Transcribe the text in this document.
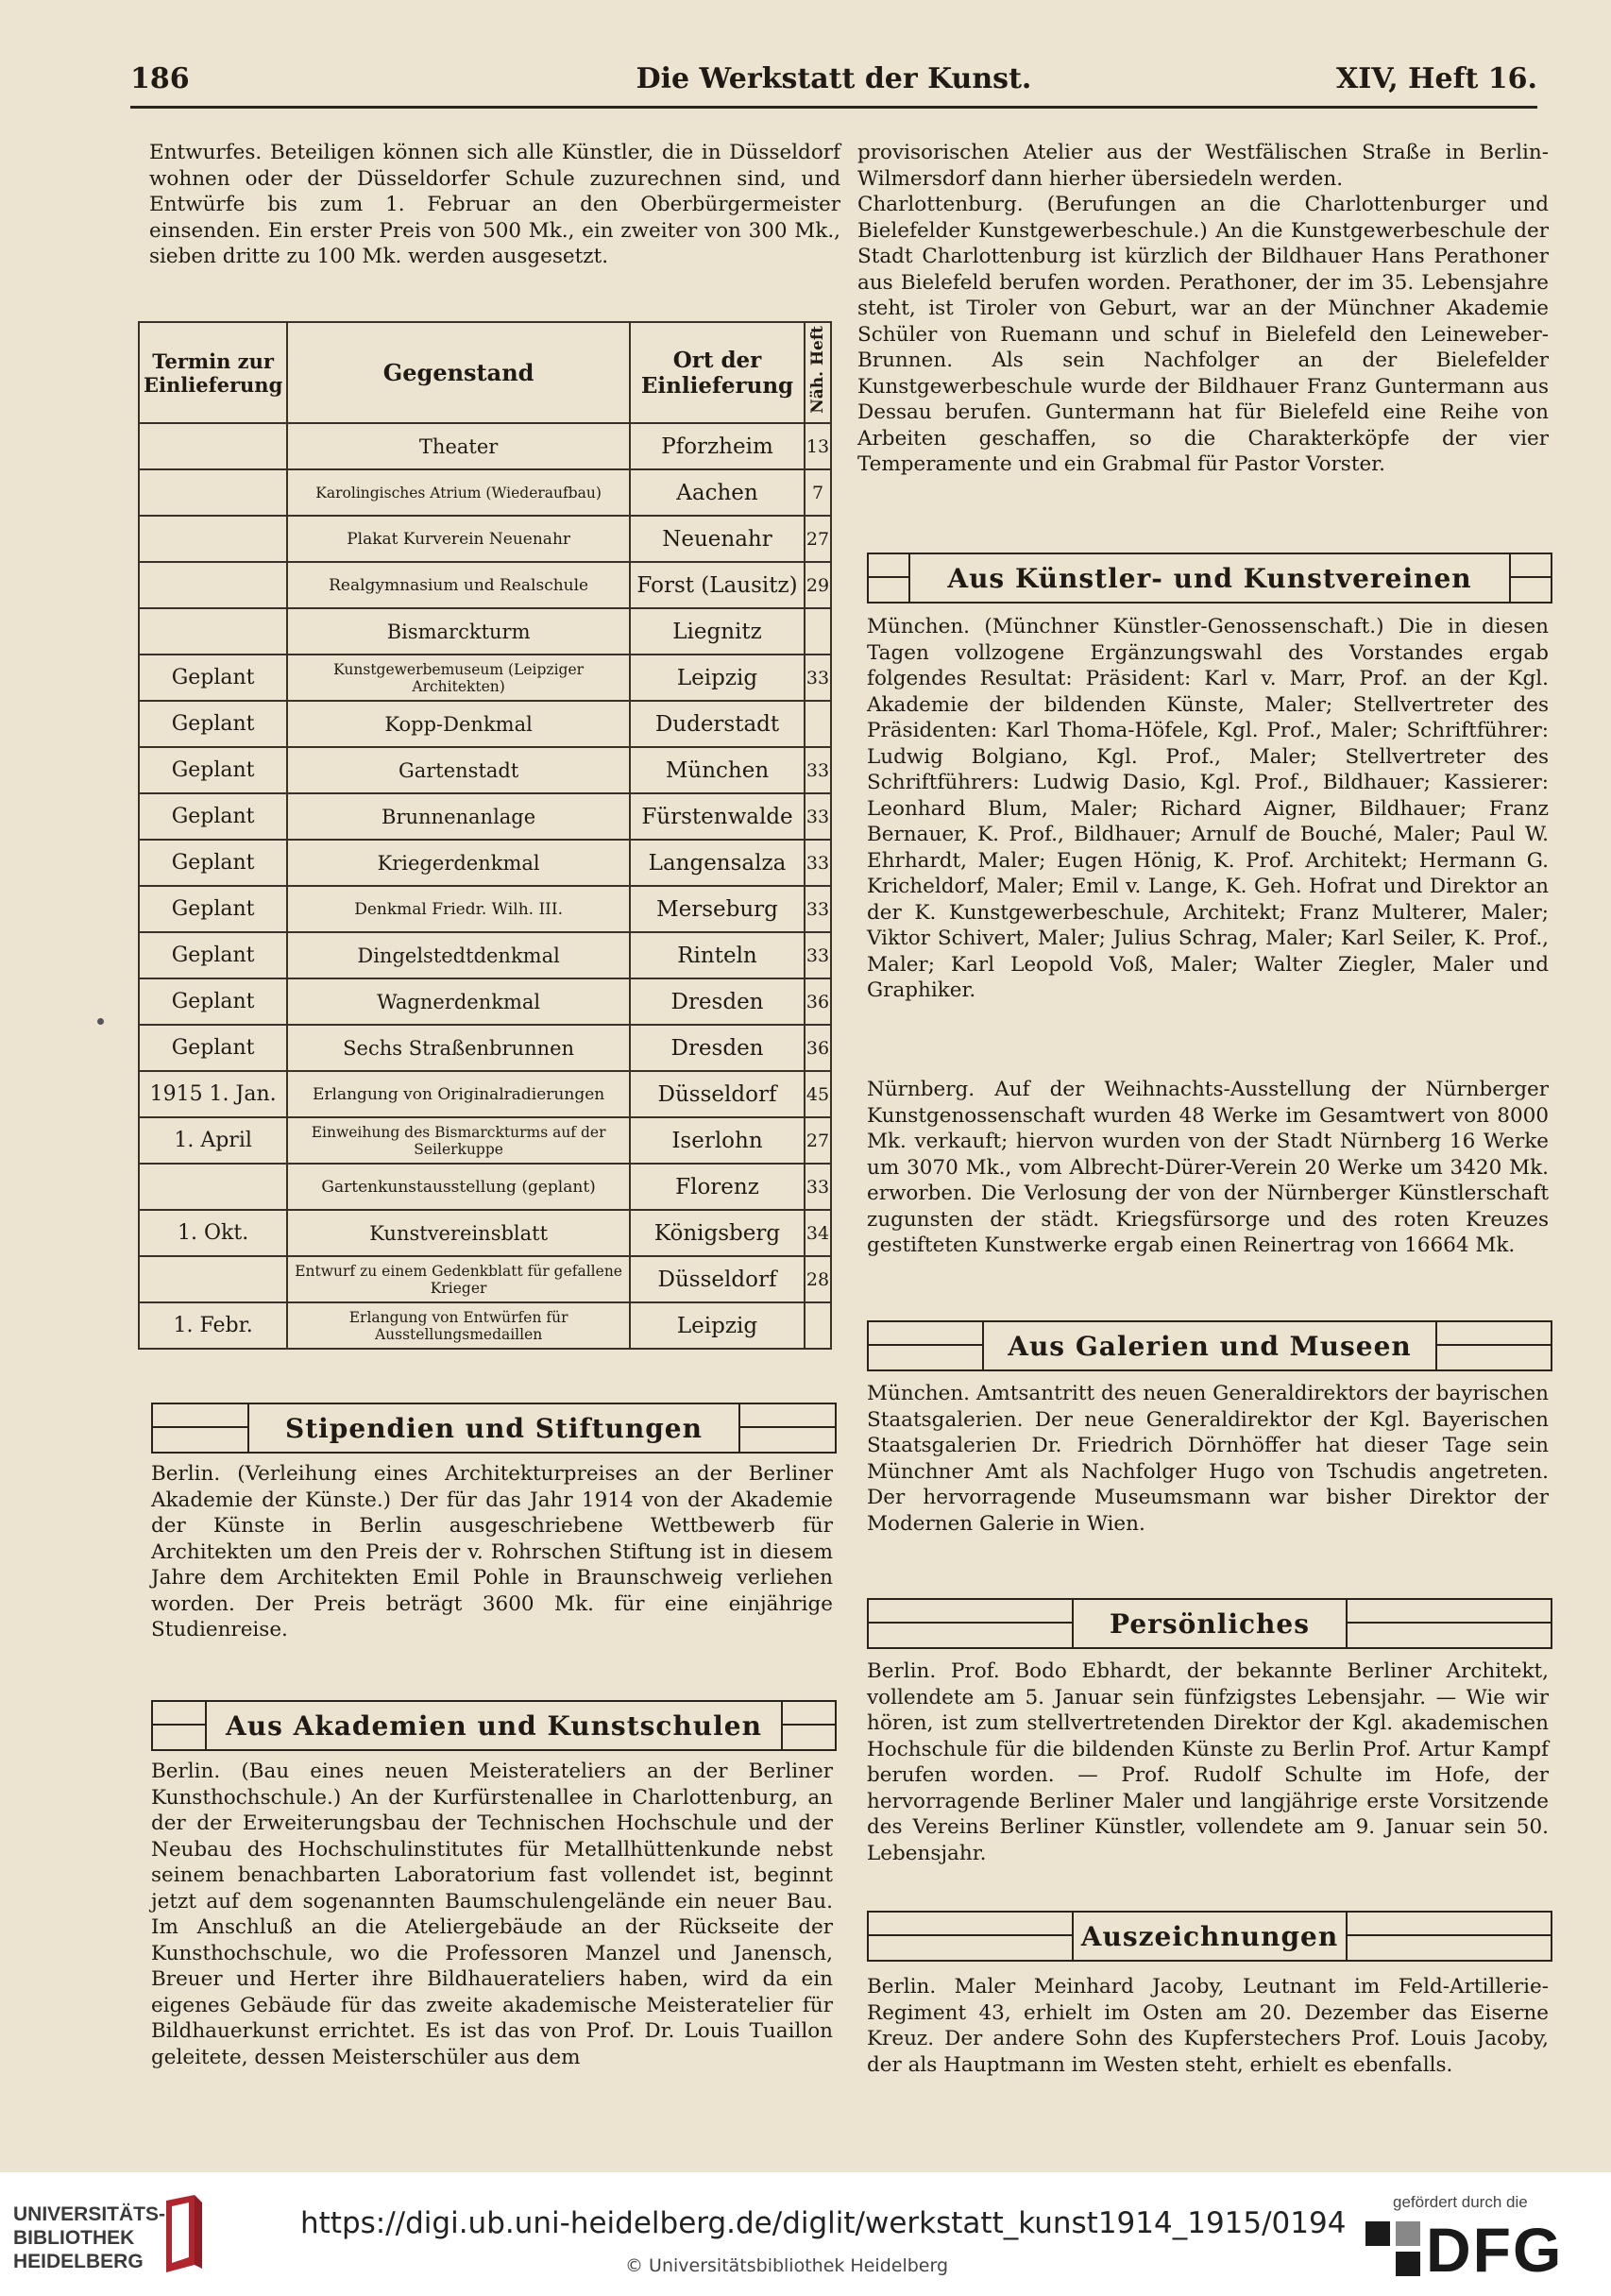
186	Die Werkstatt der Kunst.	XIV, Heft 16.

Entwurfes. Beteiligen können sich alle Künstler, die in Düsseldorf wohnen oder der Düsseldorfer Schule zuzurechnen sind, und Entwürfe bis zum 1. Februar an den Oberbürgermeister einsenden. Ein erster Preis von 500 Mk., ein zweiter von 300 Mk., sieben dritte zu 100 Mk. werden ausgesetzt.

Termin zur Einlieferung	Gegenstand	Ort der Einlieferung	Näh. Heft
	Theater	Pforzheim	13
	Karolingisches Atrium (Wiederaufbau)	Aachen	7
	Plakat Kurverein Neuenahr	Neuenahr	27
	Realgymnasium und Realschule	Forst (Lausitz)	29
	Bismarckturm	Liegnitz	
Geplant	Kunstgewerbemuseum (Leipziger Architekten)	Leipzig	33
Geplant	Kopp-Denkmal	Duderstadt	
Geplant	Gartenstadt	München	33
Geplant	Brunnenanlage	Fürstenwalde	33
Geplant	Kriegerdenkmal	Langensalza	33
Geplant	Denkmal Friedr. Wilh. III.	Merseburg	33
Geplant	Dingelstedtdenkmal	Rinteln	33
Geplant	Wagnerdenkmal	Dresden	36
Geplant	Sechs Straßenbrunnen	Dresden	36
1915 1. Jan.	Erlangung von Originalradierungen	Düsseldorf	45
1. April	Einweihung des Bismarckturms auf der Seilerkuppe	Iserlohn	27
	Gartenkunstausstellung (geplant)	Florenz	33
1. Okt.	Kunstvereinsblatt	Königsberg	34
	Entwurf zu einem Gedenkblatt für gefallene Krieger	Düsseldorf	28
1. Febr.	Erlangung von Entwürfen für Ausstellungsmedaillen	Leipzig	
Stipendien und Stiftungen
Berlin. (Verleihung eines Architekturpreises an der Berliner Akademie der Künste.) Der für das Jahr 1914 von der Akademie der Künste in Berlin ausgeschriebene Wettbewerb für Architekten um den Preis der v. Rohrschen Stiftung ist in diesem Jahre dem Architekten Emil Pohle in Braunschweig verliehen worden. Der Preis beträgt 3600 Mk. für eine einjährige Studienreise.
Aus Akademien und Kunstschulen
Berlin. (Bau eines neuen Meisterateliers an der Berliner Kunsthochschule.) An der Kurfürstenallee in Charlottenburg, an der der Erweiterungsbau der Technischen Hochschule und der Neubau des Hochschulinstitutes für Metallhüttenkunde nebst seinem benachbarten Laboratorium fast vollendet ist, beginnt jetzt auf dem sogenannten Baumschulengelände ein neuer Bau. Im Anschluß an die Ateliergebäude an der Rückseite der Kunsthochschule, wo die Professoren Manzel und Janensch, Breuer und Herter ihre Bildhauerateliers haben, wird da ein eigenes Gebäude für das zweite akademische Meisteratelier für Bildhauerkunst errichtet. Es ist das von Prof. Dr. Louis Tuaillon geleitete, dessen Meisterschüler aus dem

provisorischen Atelier aus der Westfälischen Straße in Berlin-Wilmersdorf dann hierher übersiedeln werden.

Charlottenburg. (Berufungen an die Charlottenburger und Bielefelder Kunstgewerbeschule.) An die Kunstgewerbeschule der Stadt Charlottenburg ist kürzlich der Bildhauer Hans Perathoner aus Bielefeld berufen worden. Perathoner, der im 35. Lebensjahre steht, ist Tiroler von Geburt, war an der Münchner Akademie Schüler von Ruemann und schuf in Bielefeld den Leineweber-Brunnen. Als sein Nachfolger an der Bielefelder Kunstgewerbeschule wurde der Bildhauer Franz Guntermann aus Dessau berufen. Guntermann hat für Bielefeld eine Reihe von Arbeiten geschaffen, so die Charakterköpfe der vier Temperamente und ein Grabmal für Pastor Vorster.

Aus Künstler- und Kunstvereinen
München. (Münchner Künstler-Genossenschaft.) Die in diesen Tagen vollzogene Ergänzungswahl des Vorstandes ergab folgendes Resultat: Präsident: Karl v. Marr, Prof. an der Kgl. Akademie der bildenden Künste, Maler; Stellvertreter des Präsidenten: Karl Thoma-Höfele, Kgl. Prof., Maler; Schriftführer: Ludwig Bolgiano, Kgl. Prof., Maler; Stellvertreter des Schriftführers: Ludwig Dasio, Kgl. Prof., Bildhauer; Kassierer: Leonhard Blum, Maler; Richard Aigner, Bildhauer; Franz Bernauer, K. Prof., Bildhauer; Arnulf de Bouché, Maler; Paul W. Ehrhardt, Maler; Eugen Hönig, K. Prof. Architekt; Hermann G. Kricheldorf, Maler; Emil v. Lange, K. Geh. Hofrat und Direktor an der K. Kunstgewerbeschule, Architekt; Franz Multerer, Maler; Viktor Schivert, Maler; Julius Schrag, Maler; Karl Seiler, K. Prof., Maler; Karl Leopold Voß, Maler; Walter Ziegler, Maler und Graphiker.
Nürnberg. Auf der Weihnachts-Ausstellung der Nürnberger Kunstgenossenschaft wurden 48 Werke im Gesamtwert von 8000 Mk. verkauft; hiervon wurden von der Stadt Nürnberg 16 Werke um 3070 Mk., vom Albrecht-Dürer-Verein 20 Werke um 3420 Mk. erworben. Die Verlosung der von der Nürnberger Künstlerschaft zugunsten der städt. Kriegsfürsorge und des roten Kreuzes gestifteten Kunstwerke ergab einen Reinertrag von 16664 Mk.
Aus Galerien und Museen
München. Amtsantritt des neuen Generaldirektors der bayrischen Staatsgalerien. Der neue Generaldirektor der Kgl. Bayerischen Staatsgalerien Dr. Friedrich Dörnhöffer hat dieser Tage sein Münchner Amt als Nachfolger Hugo von Tschudis angetreten. Der hervorragende Museumsmann war bisher Direktor der Modernen Galerie in Wien.
Persönliches
Berlin. Prof. Bodo Ebhardt, der bekannte Berliner Architekt, vollendete am 5. Januar sein fünfzigstes Lebensjahr. — Wie wir hören, ist zum stellvertretenden Direktor der Kgl. akademischen Hochschule für die bildenden Künste zu Berlin Prof. Artur Kampf berufen worden. — Prof. Rudolf Schulte im Hofe, der hervorragende Berliner Maler und langjährige erste Vorsitzende des Vereins Berliner Künstler, vollendete am 9. Januar sein 50. Lebensjahr.
Auszeichnungen
Berlin. Maler Meinhard Jacoby, Leutnant im Feld-Artillerie-Regiment 43, erhielt im Osten am 20. Dezember das Eiserne Kreuz. Der andere Sohn des Kupferstechers Prof. Louis Jacoby, der als Hauptmann im Westen steht, erhielt es ebenfalls.
UNIVERSITÄTS-BIBLIOTHEK HEIDELBERG
https://digi.ub.uni-heidelberg.de/diglit/werkstatt_kunst1914_1915/0194
© Universitätsbibliothek Heidelberg
gefördert durch die
DFG
